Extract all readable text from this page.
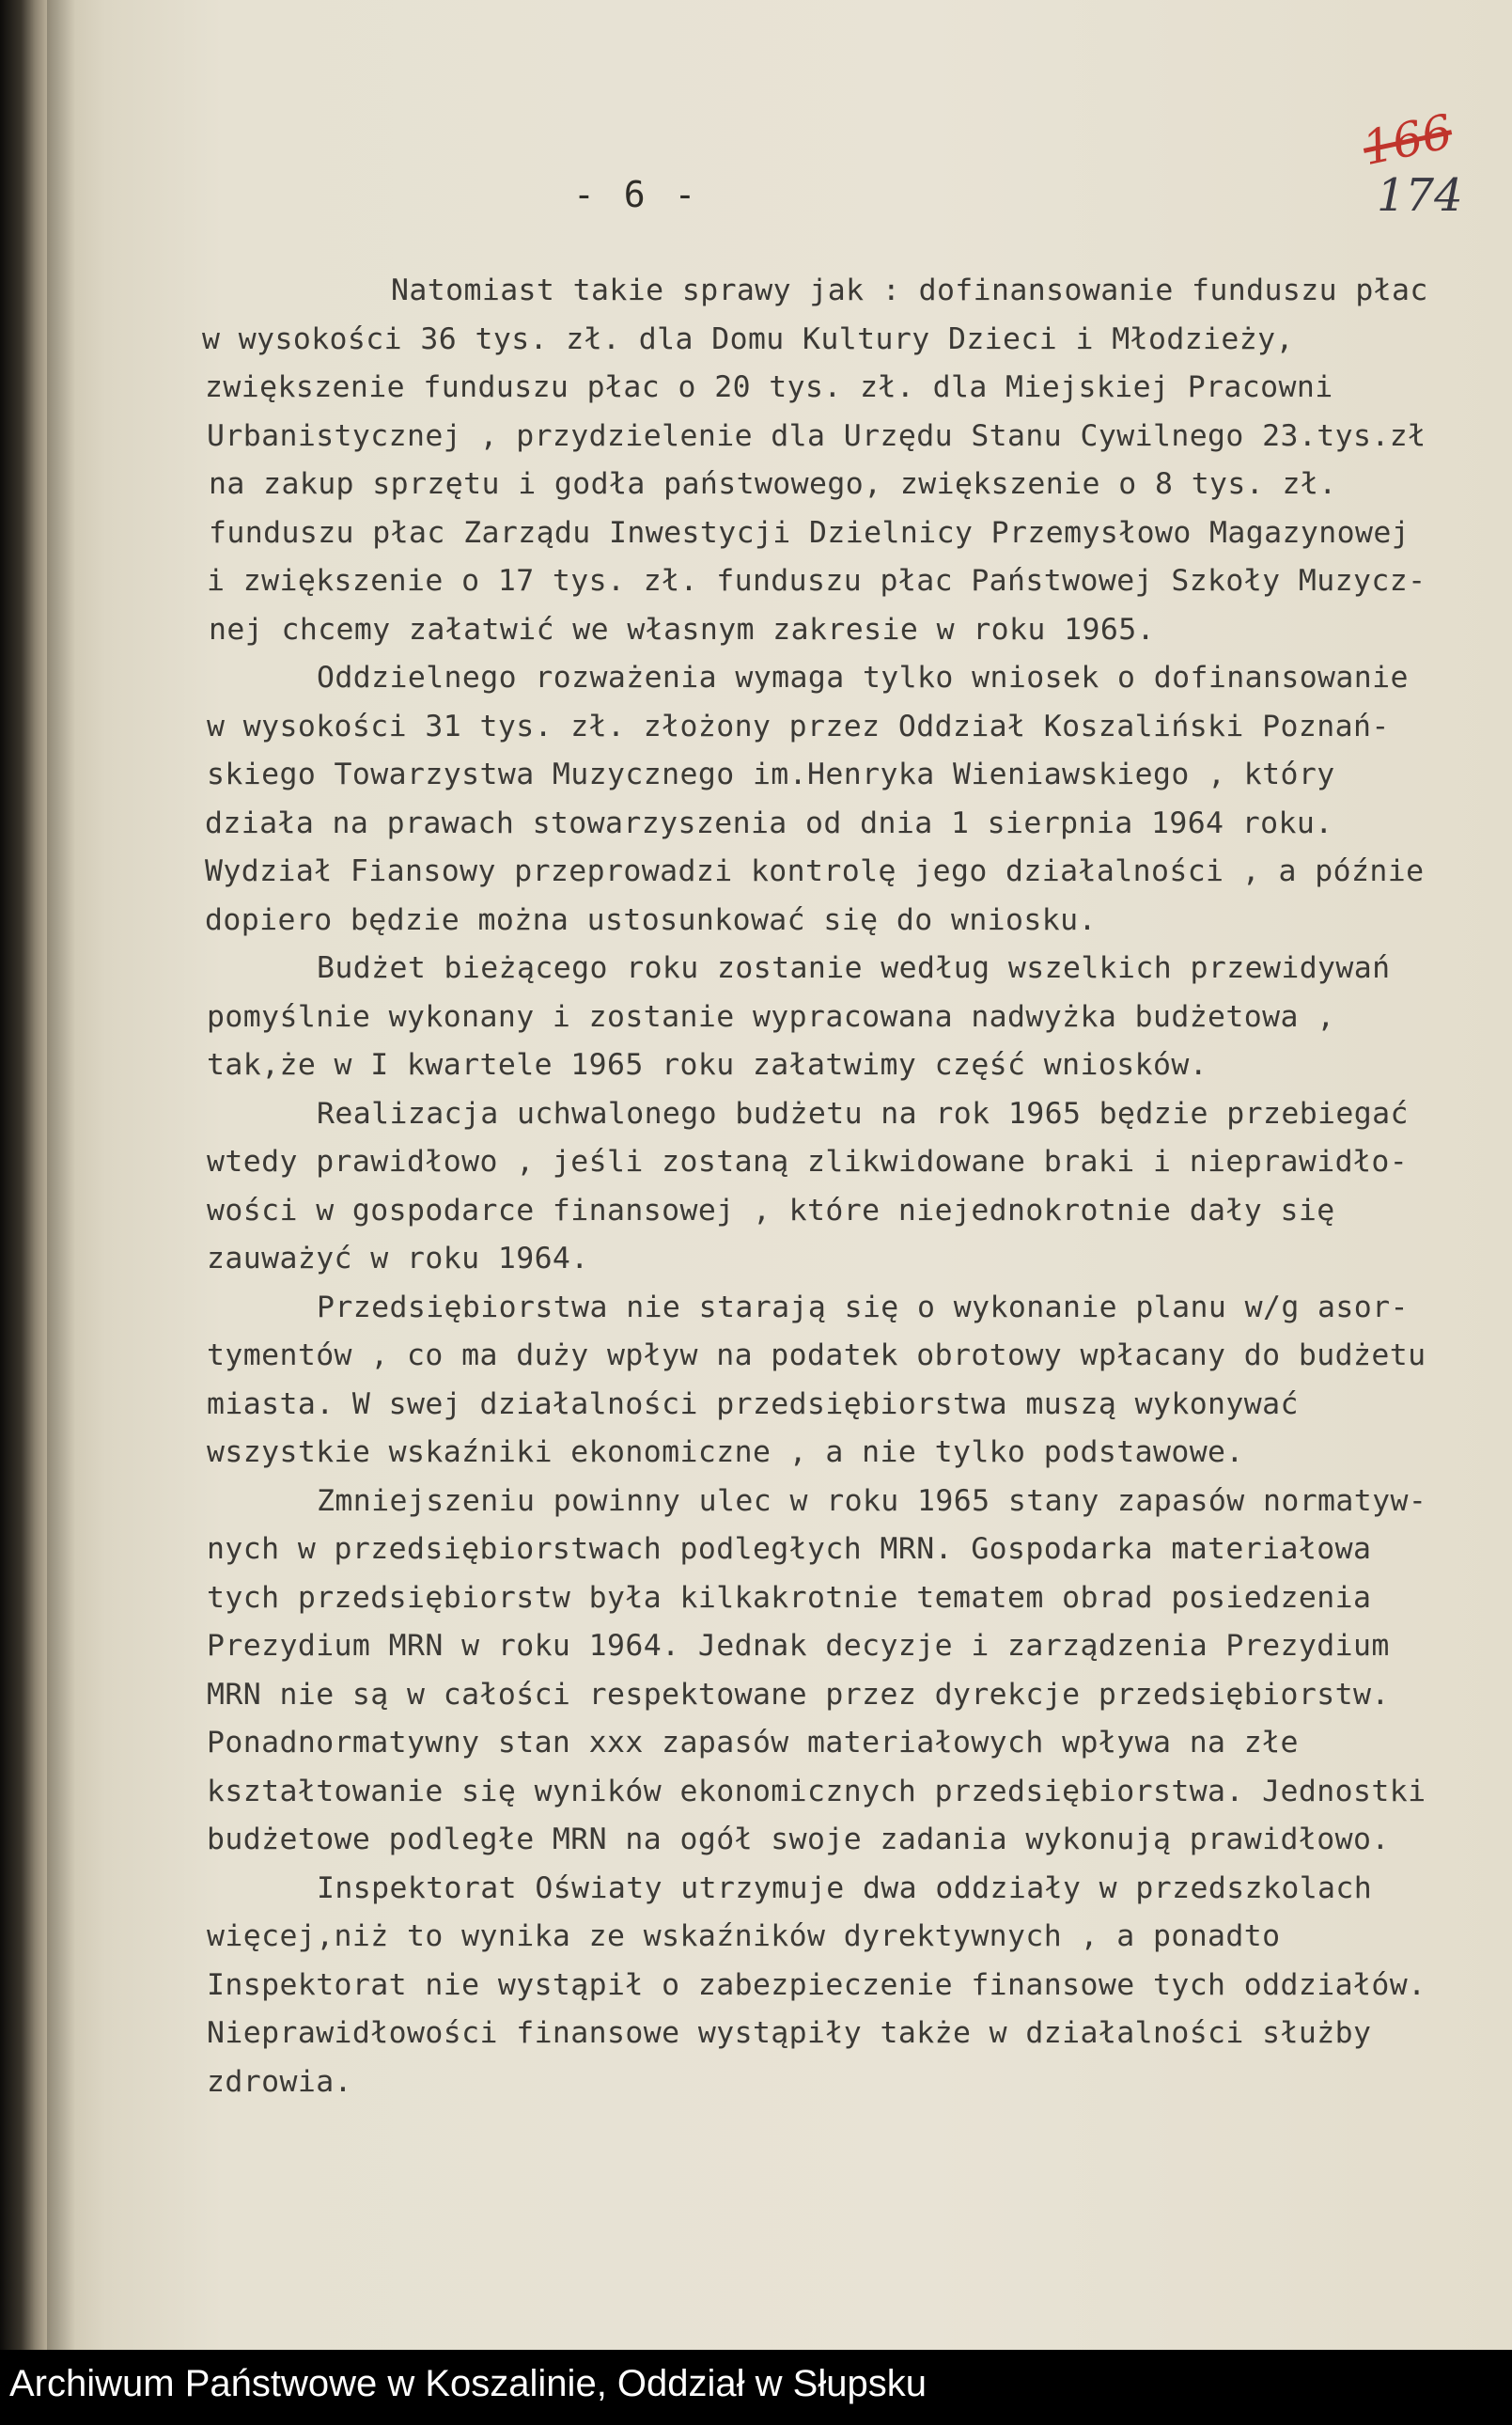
- 6 -
166
174
Natomiast takie sprawy jak : dofinansowanie funduszu płac
w wysokości 36 tys. zł. dla Domu Kultury Dzieci i Młodzieży,
zwiększenie funduszu płac o 20 tys. zł. dla Miejskiej Pracowni
Urbanistycznej , przydzielenie dla Urzędu Stanu Cywilnego 23.tys.zł
na zakup sprzętu i godła państwowego, zwiększenie o 8 tys. zł.
funduszu płac Zarządu Inwestycji Dzielnicy Przemysłowo Magazynowej
i zwiększenie o 17 tys. zł. funduszu płac Państwowej Szkoły Muzycz-
nej chcemy załatwić we własnym zakresie w roku 1965.
Oddzielnego rozważenia wymaga tylko wniosek o dofinansowanie
w wysokości 31 tys. zł. złożony przez Oddział Koszaliński Poznań-
skiego Towarzystwa Muzycznego im.Henryka Wieniawskiego , który
działa na prawach stowarzyszenia od dnia 1 sierpnia 1964 roku.
Wydział Fiansowy przeprowadzi kontrolę jego działalności , a późnie
dopiero będzie można ustosunkować się do wniosku.
Budżet bieżącego roku zostanie według wszelkich przewidywań
pomyślnie wykonany i zostanie wypracowana nadwyżka budżetowa ,
tak,że w I kwartele 1965 roku załatwimy część wniosków.
Realizacja uchwalonego budżetu na rok 1965 będzie przebiegać
wtedy prawidłowo , jeśli zostaną zlikwidowane braki i nieprawidło-
wości w gospodarce finansowej , które niejednokrotnie dały się
zauważyć w roku 1964.
Przedsiębiorstwa nie starają się o wykonanie planu w/g asor-
tymentów , co ma duży wpływ na podatek obrotowy wpłacany do budżetu
miasta. W swej działalności przedsiębiorstwa muszą wykonywać
wszystkie wskaźniki ekonomiczne , a nie tylko podstawowe.
Zmniejszeniu powinny ulec w roku 1965 stany zapasów normatyw-
nych w przedsiębiorstwach podległych MRN. Gospodarka materiałowa
tych przedsiębiorstw była kilkakrotnie tematem obrad posiedzenia
Prezydium MRN w roku 1964. Jednak decyzje i zarządzenia Prezydium
MRN nie są w całości respektowane przez dyrekcje przedsiębiorstw.
Ponadnormatywny stan xxx zapasów materiałowych wpływa na złe
kształtowanie się wyników ekonomicznych przedsiębiorstwa. Jednostki
budżetowe podległe MRN na ogół swoje zadania wykonują prawidłowo.
Inspektorat Oświaty utrzymuje dwa oddziały w przedszkolach
więcej,niż to wynika ze wskaźników dyrektywnych , a ponadto
Inspektorat nie wystąpił o zabezpieczenie finansowe tych oddziałów.
Nieprawidłowości finansowe wystąpiły także w działalności służby
zdrowia.
Archiwum Państwowe w Koszalinie, Oddział w Słupsku
